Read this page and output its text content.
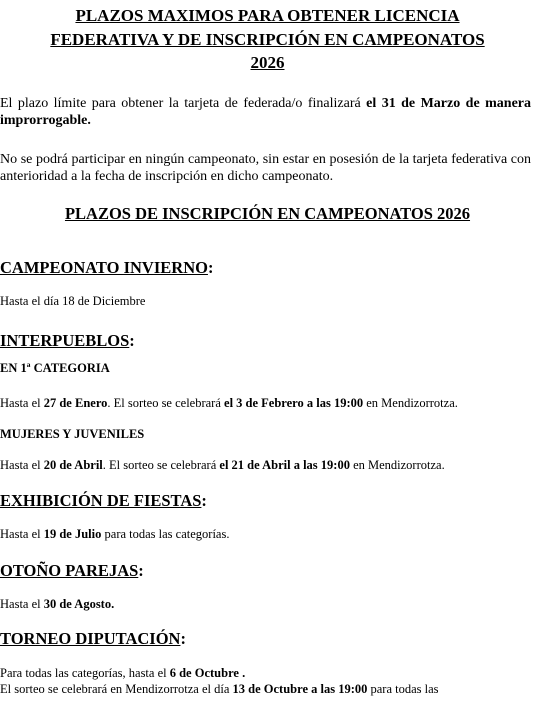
PLAZOS MAXIMOS PARA OBTENER LICENCIA
FEDERATIVA Y DE INSCRIPCIÓN EN CAMPEONATOS
2026
El plazo límite para obtener la tarjeta de federada/o finalizará el 31 de Marzo de manera improrrogable.
No se podrá participar en ningún campeonato, sin estar en posesión de la tarjeta federativa con anterioridad a la fecha de inscripción en dicho campeonato.
PLAZOS DE INSCRIPCIÓN EN CAMPEONATOS 2026
CAMPEONATO INVIERNO:
Hasta el día 18 de Diciembre
INTERPUEBLOS:
EN 1ª CATEGORIA
Hasta el 27 de Enero. El sorteo se celebrará el 3 de Febrero a las 19:00 en Mendizorrotza.
MUJERES Y JUVENILES
Hasta el 20 de Abril. El sorteo se celebrará el 21 de Abril a las 19:00 en Mendizorrotza.
EXHIBICIÓN DE FIESTAS:
Hasta el 19 de Julio para todas las categorías.
OTOÑO PAREJAS:
Hasta el 30 de Agosto.
TORNEO DIPUTACIÓN:
Para todas las categorías, hasta el 6 de Octubre .
El sorteo se celebrará en Mendizorrotza el día 13 de Octubre a las 19:00 para todas las
